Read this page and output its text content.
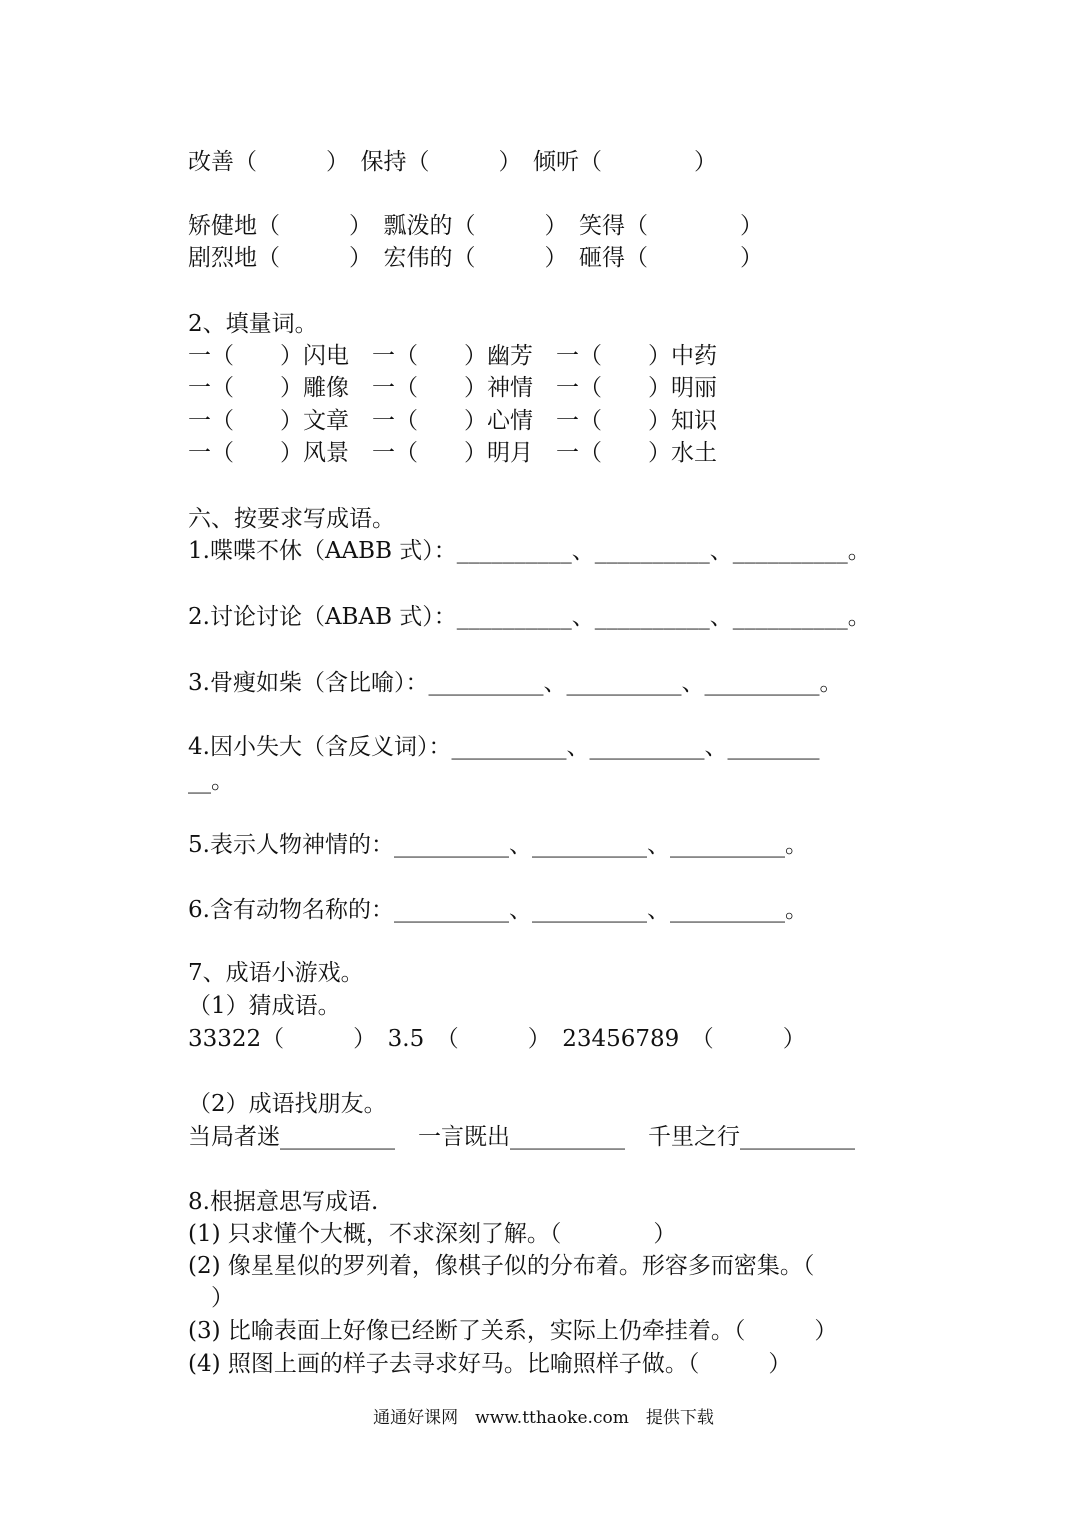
改善（　　　）　保持（　　　）　倾听（　　　　）
矫健地（　　　）　瓢泼的（　　　）　笑得（　　　　）
剧烈地（　　　）　宏伟的（　　　）　砸得（　　　　）
2、填量词。
一（　　）闪电　一（　　）幽芳　一（　　）中药
一（　　）雕像　一（　　）神情　一（　　）明丽
一（　　）文章　一（　　）心情　一（　　）知识
一（　　）风景　一（　　）明月　一（　　）水土
六、按要求写成语。
1.喋喋不休（AABB 式）：__________、__________、__________。
2.讨论讨论（ABAB 式）：__________、__________、__________。
3.骨瘦如柴（含比喻）：__________、__________、__________。
4.因小失大（含反义词）：__________、__________、________
__。
5.表示人物神情的：__________、__________、__________。
6.含有动物名称的：__________、__________、__________。
7、成语小游戏。
（1）猜成语。
33322（　　　）　3.5　（　　　）　23456789　（　　　）
（2）成语找朋友。
当局者迷__________　一言既出__________　千里之行__________
8.根据意思写成语.
(1) 只求懂个大概，不求深刻了解。（　　　　）
(2) 像星星似的罗列着，像棋子似的分布着。形容多而密集。（
　）
(3) 比喻表面上好像已经断了关系，实际上仍牵挂着。（　　　）
(4) 照图上画的样子去寻求好马。比喻照样子做。（　　　）
通通好课网　www.tthaoke.com　提供下载
